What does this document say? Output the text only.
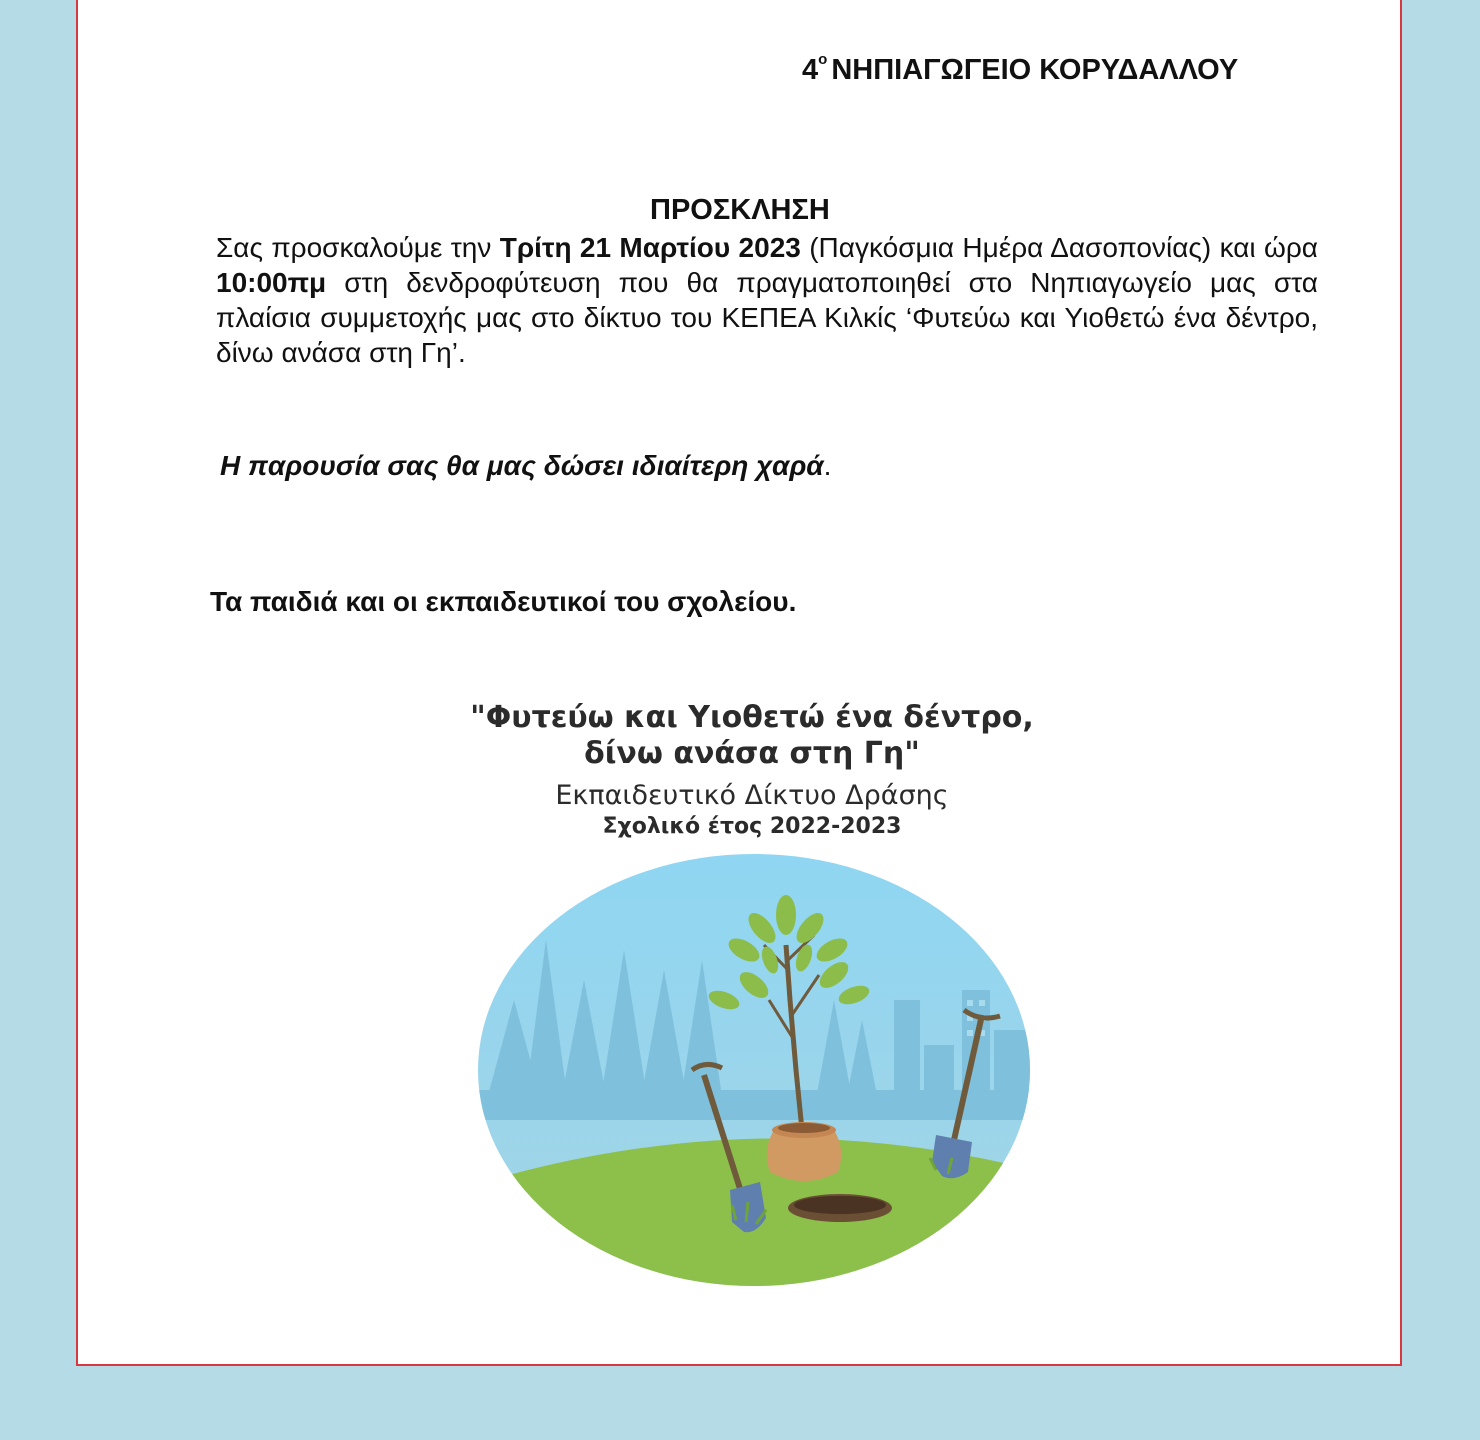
$4^o$ ΝΗΠΙΑΓΩΓΕΙΟ ΚΟΡΥΔΑΛΛΟΥ
ΠΡΟΣΚΛΗΣΗ
Σας προσκαλούμε την Τρίτη 21 Μαρτίου 2023 (Παγκόσμια Ημέρα Δασοπονίας) και ώρα 10:00πμ στη δενδροφύτευση που θα πραγματοποιηθεί στο Νηπιαγωγείο μας στα πλαίσια συμμετοχής μας στο δίκτυο του ΚΕΠΕΑ Κιλκίς ‘Φυτεύω και Υιοθετώ ένα δέντρο, δίνω ανάσα στη Γη’.
Η παρουσία σας θα μας δώσει ιδιαίτερη χαρά.
Τα παιδιά και οι εκπαιδευτικοί του σχολείου.
"Φυτεύω και Υιοθετώ ένα δέντρο,
δίνω ανάσα στη Γη"
Εκπαιδευτικό Δίκτυο Δράσης
Σχολικό έτος 2022-2023
